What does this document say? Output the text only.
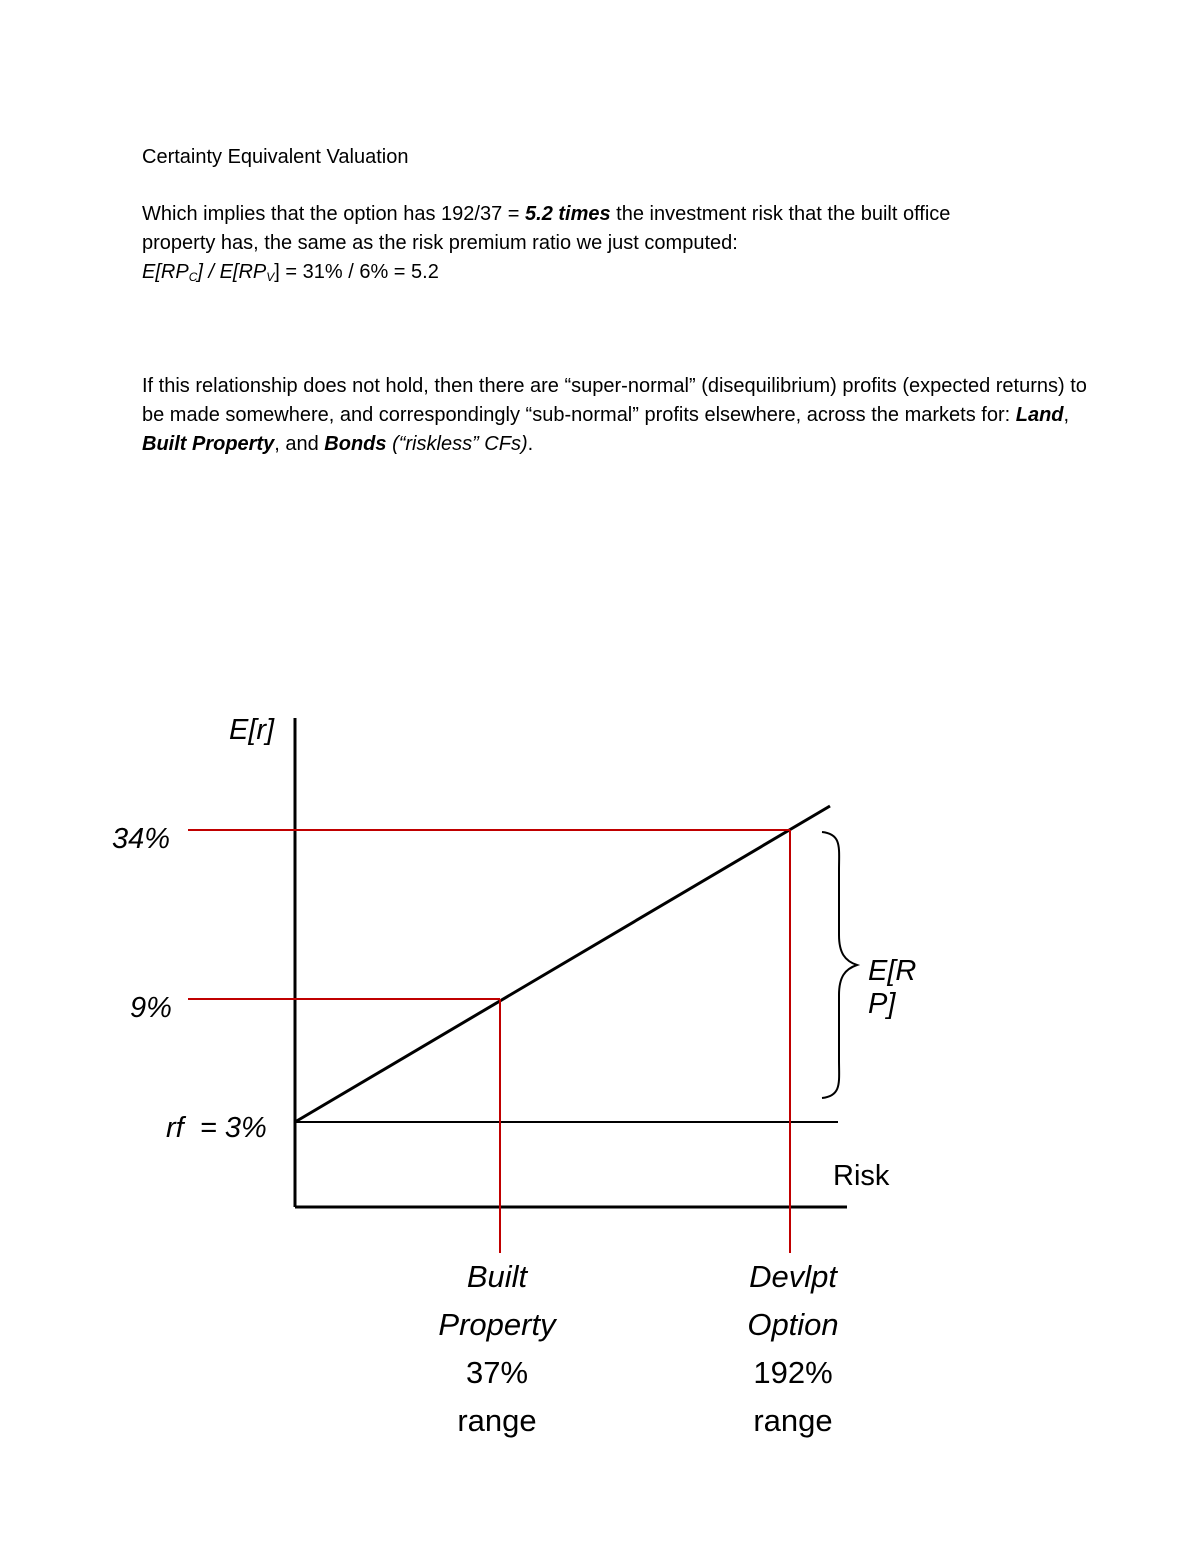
Certainty Equivalent Valuation
Which implies that the option has 192/37 = 5.2 times the investment risk that the built office
property has, the same as the risk premium ratio we just computed:
$E[RP_C] / E[RP_V] = 31\% / 6\% = 5.2$
If this relationship does not hold, then there are “super-normal” (disequilibrium) profits (expected returns) to be made somewhere, and correspondingly “sub-normal” profits elsewhere, across the markets for: Land, Built Property, and Bonds (“riskless” CFs).
E[r]
34%
9%
rf  = 3%
Risk
E[R
P]
Built
Property
37%
range
Devlpt
Option
192%
range
